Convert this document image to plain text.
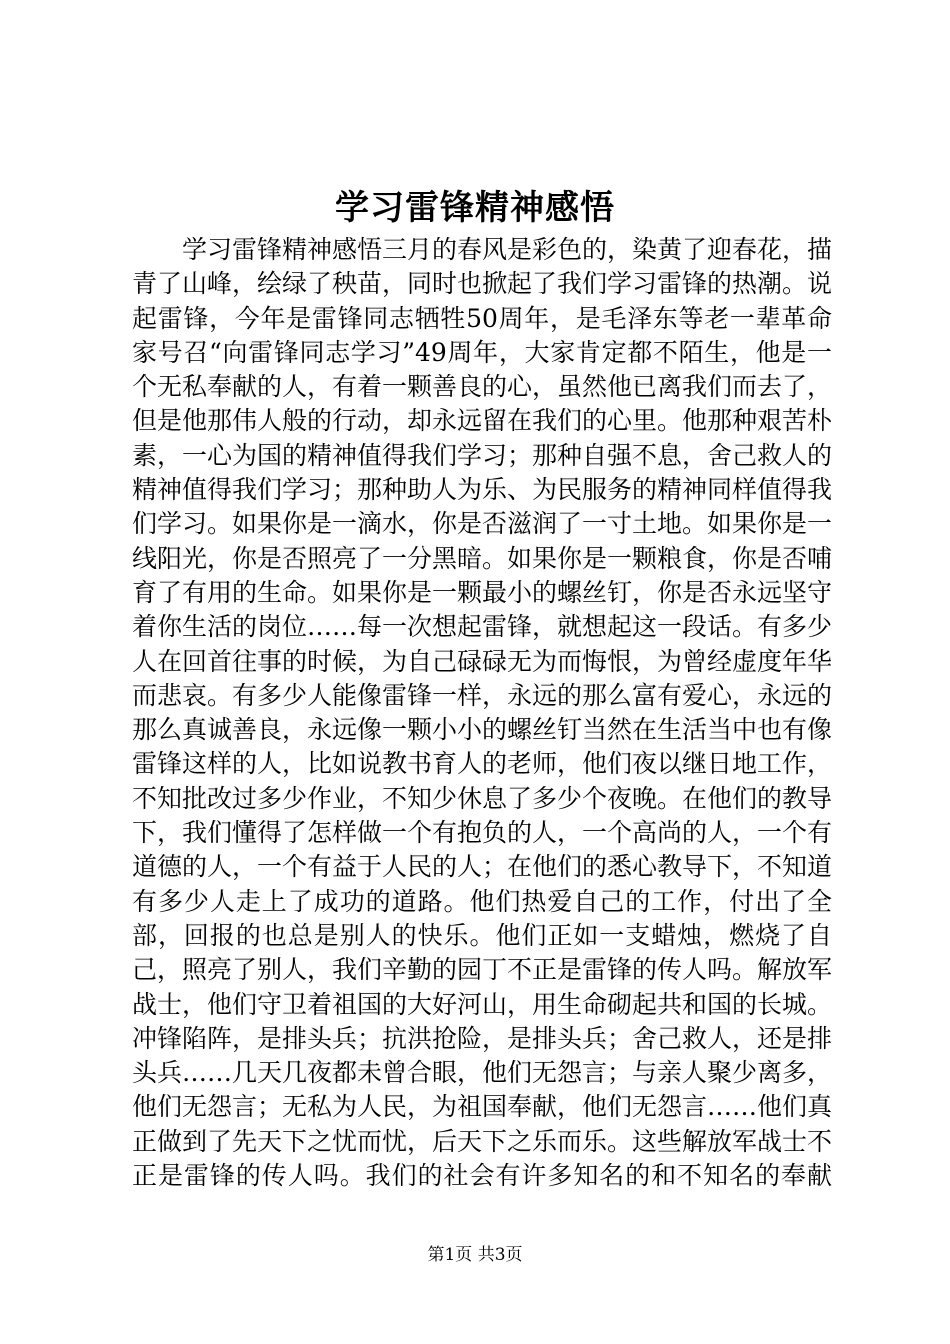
学习雷锋精神感悟

学习雷锋精神感悟三月的春风是彩色的，染黄了迎春花，描青了山峰，绘绿了秧苗，同时也掀起了我们学习雷锋的热潮。说起雷锋，今年是雷锋同志牺牲50周年，是毛泽东等老一辈革命家号召“向雷锋同志学习”49周年，大家肯定都不陌生，他是一个无私奉献的人，有着一颗善良的心，虽然他已离我们而去了，但是他那伟人般的行动，却永远留在我们的心里。他那种艰苦朴素，一心为国的精神值得我们学习；那种自强不息，舍己救人的精神值得我们学习；那种助人为乐、为民服务的精神同样值得我们学习。如果你是一滴水，你是否滋润了一寸土地。如果你是一线阳光，你是否照亮了一分黑暗。如果你是一颗粮食，你是否哺育了有用的生命。如果你是一颗最小的螺丝钉，你是否永远坚守着你生活的岗位……每一次想起雷锋，就想起这一段话。有多少人在回首往事的时候，为自己碌碌无为而悔恨，为曾经虚度年华而悲哀。有多少人能像雷锋一样，永远的那么富有爱心，永远的那么真诚善良，永远像一颗小小的螺丝钉当然在生活当中也有像雷锋这样的人，比如说教书育人的老师，他们夜以继日地工作，不知批改过多少作业，不知少休息了多少个夜晚。在他们的教导下，我们懂得了怎样做一个有抱负的人，一个高尚的人，一个有道德的人，一个有益于人民的人；在他们的悉心教导下，不知道有多少人走上了成功的道路。他们热爱自己的工作，付出了全部，回报的也总是别人的快乐。他们正如一支蜡烛，燃烧了自己，照亮了别人，我们辛勤的园丁不正是雷锋的传人吗。解放军战士，他们守卫着祖国的大好河山，用生命砌起共和国的长城。冲锋陷阵，是排头兵；抗洪抢险，是排头兵；舍己救人，还是排头兵……几天几夜都未曾合眼，他们无怨言；与亲人聚少离多，他们无怨言；无私为人民，为祖国奉献，他们无怨言……他们真正做到了先天下之忧而忧，后天下之乐而乐。这些解放军战士不正是雷锋的传人吗。我们的社会有许多知名的和不知名的奉献

第1页 共3页
